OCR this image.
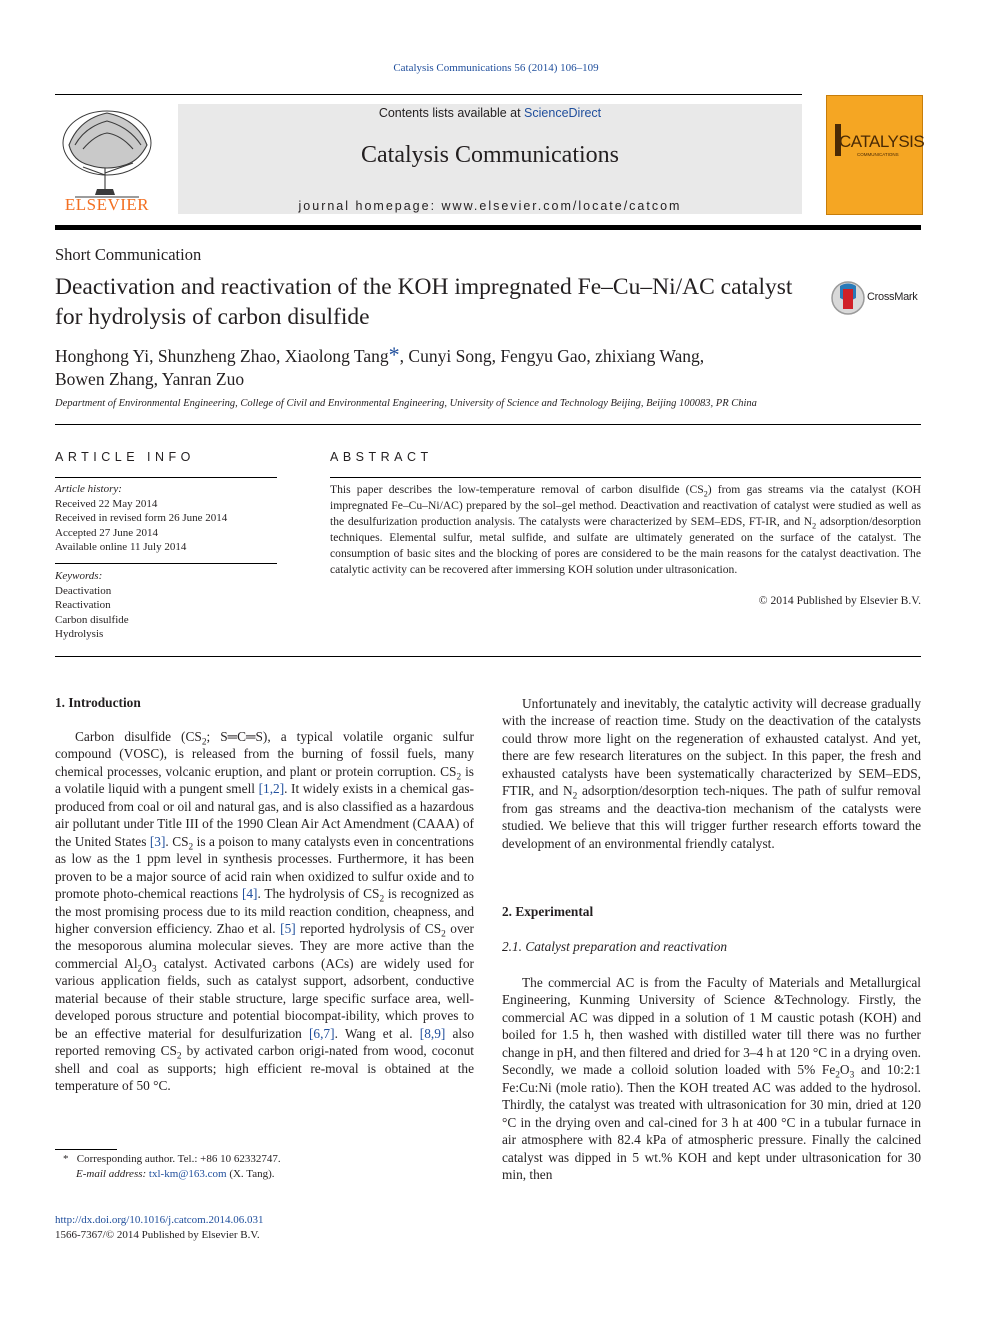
Catalysis Communications 56 (2014) 106–109
ELSEVIER
Contents lists available at ScienceDirect
Catalysis Communications
journal homepage: www.elsevier.com/locate/catcom
CATALYSIS
COMMUNICATIONS
Short Communication
Deactivation and reactivation of the KOH impregnated Fe–Cu–Ni/AC catalyst for hydrolysis of carbon disulfide
CrossMark
Honghong Yi, Shunzheng Zhao, Xiaolong Tang*, Cunyi Song, Fengyu Gao, zhixiang Wang,
Bowen Zhang, Yanran Zuo
Department of Environmental Engineering, College of Civil and Environmental Engineering, University of Science and Technology Beijing, Beijing 100083, PR China
ARTICLE INFO
Article history:
Received 22 May 2014
Received in revised form 26 June 2014
Accepted 27 June 2014
Available online 11 July 2014
Keywords:
Deactivation
Reactivation
Carbon disulfide
Hydrolysis
ABSTRACT
This paper describes the low-temperature removal of carbon disulfide $(CS_2)$ from gas streams via the catalyst (KOH impregnated Fe–Cu–Ni/AC) prepared by the sol–gel method. Deactivation and reactivation of catalyst were studied as well as the desulfurization production analysis. The catalysts were characterized by SEM–EDS, FT-IR, and $N_2$ adsorption/desorption techniques. Elemental sulfur, metal sulfide, and sulfate are ultimately generated on the surface of the catalyst. The consumption of basic sites and the blocking of pores are considered to be the main reasons for the catalyst deactivation. The catalytic activity can be recovered after immersing KOH solution under ultrasonication.
© 2014 Published by Elsevier B.V.
1. Introduction
Carbon disulfide ($CS_2$; S═C═S), a typical volatile organic sulfur compound (VOSC), is released from the burning of fossil fuels, many chemical processes, volcanic eruption, and plant or protein corruption. $CS_2$ is a volatile liquid with a pungent smell [1,2]. It widely exists in a chemical gas-produced from coal or oil and natural gas, and is also classified as a hazardous air pollutant under Title III of the 1990 Clean Air Act Amendment (CAAA) of the United States [3]. $CS_2$ is a poison to many catalysts even in concentrations as low as the 1 ppm level in synthesis processes. Furthermore, it has been proven to be a major source of acid rain when oxidized to sulfur oxide and to promote photo-chemical reactions [4]. The hydrolysis of $CS_2$ is recognized as the most promising process due to its mild reaction condition, cheapness, and higher conversion efficiency. Zhao et al. [5] reported hydrolysis of $CS_2$ over the mesoporous alumina molecular sieves. They are more active than the commercial $Al_2O_3$ catalyst. Activated carbons (ACs) are widely used for various application fields, such as catalyst support, adsorbent, conductive material because of their stable structure, large specific surface area, well-developed porous structure and potential biocompat-ibility, which proves to be an effective material for desulfurization [6,7]. Wang et al. [8,9] also reported removing $CS_2$ by activated carbon origi-nated from wood, coconut shell and coal as supports; high efficient re-moval is obtained at the temperature of 50 °C.
* Corresponding author. Tel.: +86 10 62332747.
E-mail address: txl-km@163.com (X. Tang).
http://dx.doi.org/10.1016/j.catcom.2014.06.031
1566-7367/© 2014 Published by Elsevier B.V.
Unfortunately and inevitably, the catalytic activity will decrease gradually with the increase of reaction time. Study on the deactivation of the catalysts could throw more light on the regeneration of exhausted catalyst. And yet, there are few research literatures on the subject. In this paper, the fresh and exhausted catalysts have been systematically characterized by SEM–EDS, FTIR, and $N_2$ adsorption/desorption tech-niques. The path of sulfur removal from gas streams and the deactiva-tion mechanism of the catalysts were studied. We believe that this will trigger further research efforts toward the development of an environmental friendly catalyst.
2. Experimental
2.1. Catalyst preparation and reactivation
The commercial AC is from the Faculty of Materials and Metallurgical Engineering, Kunming University of Science &Technology. Firstly, the commercial AC was dipped in a solution of 1 M caustic potash (KOH) and boiled for 1.5 h, then washed with distilled water till there was no further change in pH, and then filtered and dried for 3–4 h at 120 °C in a drying oven. Secondly, we made a colloid solution loaded with 5% $Fe_2O_3$ and 10:2:1 Fe:Cu:Ni (mole ratio). Then the KOH treated AC was added to the hydrosol. Thirdly, the catalyst was treated with ultrasonication for 30 min, dried at 120 °C in the drying oven and cal-cined for 3 h at 400 °C in a tubular furnace in air atmosphere with 82.4 kPa of atmospheric pressure. Finally the calcined catalyst was dipped in 5 wt.% KOH and kept under ultrasonication for 30 min, then
